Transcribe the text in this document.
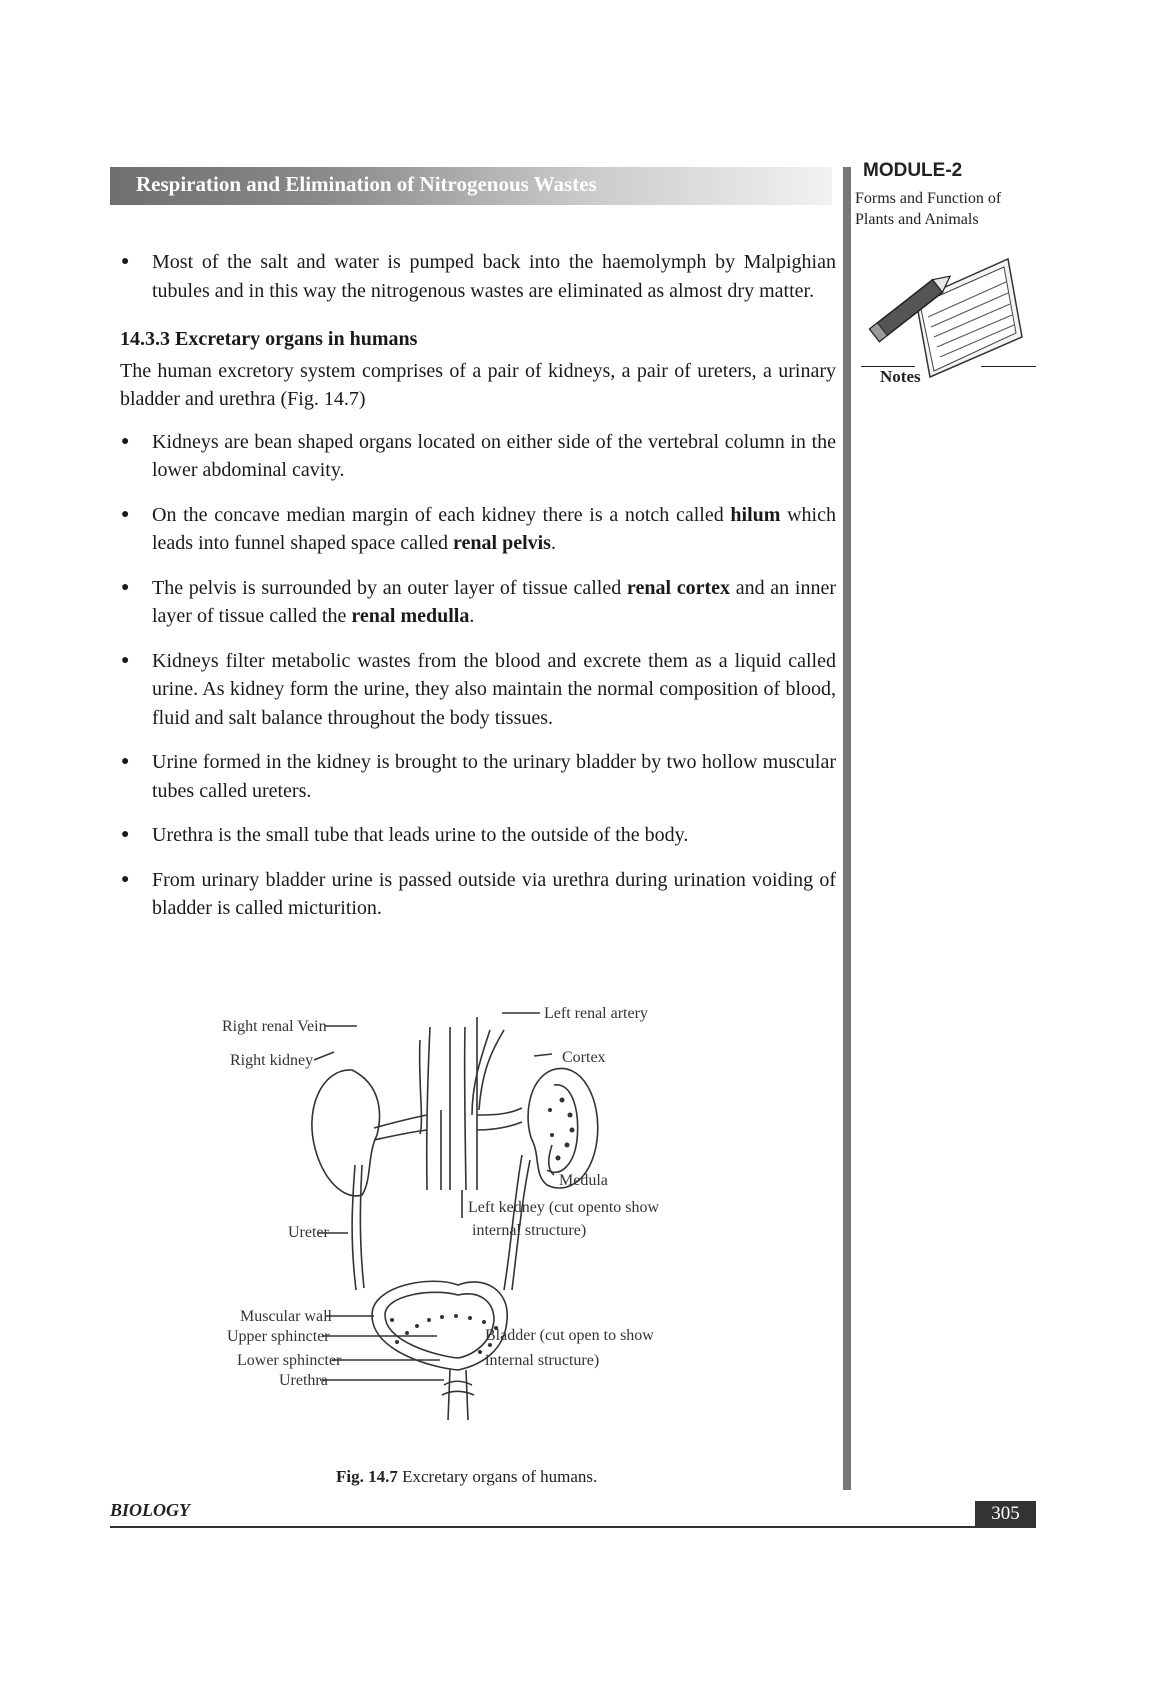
Respiration and Elimination of Nitrogenous Wastes
MODULE-2
Forms and Function of Plants and Animals
Notes
● Most of the salt and water is pumped back into the haemolymph by Malpighian tubules and in this way the nitrogenous wastes are eliminated as almost dry matter.
14.3.3 Excretary organs in humans
The human excretory system comprises of a pair of kidneys, a pair of ureters, a urinary bladder and urethra (Fig. 14.7)
● Kidneys are bean shaped organs located on either side of the vertebral column in the lower abdominal cavity.
● On the concave median margin of each kidney there is a notch called hilum which leads into funnel shaped space called renal pelvis.
● The pelvis is surrounded by an outer layer of tissue called renal cortex and an inner layer of tissue called the renal medulla.
● Kidneys filter metabolic wastes from the blood and excrete them as a liquid called urine. As kidney form the urine, they also maintain the normal composition of blood, fluid and salt balance throughout the body tissues.
● Urine formed in the kidney is brought to the urinary bladder by two hollow muscular tubes called ureters.
● Urethra is the small tube that leads urine to the outside of the body.
● From urinary bladder urine is passed outside via urethra during urination voiding of bladder is called micturition.
Right renal Vein
Right kidney
Left renal artery
Cortex
Medula
Left kedney (cut opento show
internal structure)
Ureter
Muscular wall
Upper sphincter
Lower sphincter
Urethra
Bladder (cut open to show
internal structure)
Fig. 14.7 Excretary organs of humans.
BIOLOGY	305
